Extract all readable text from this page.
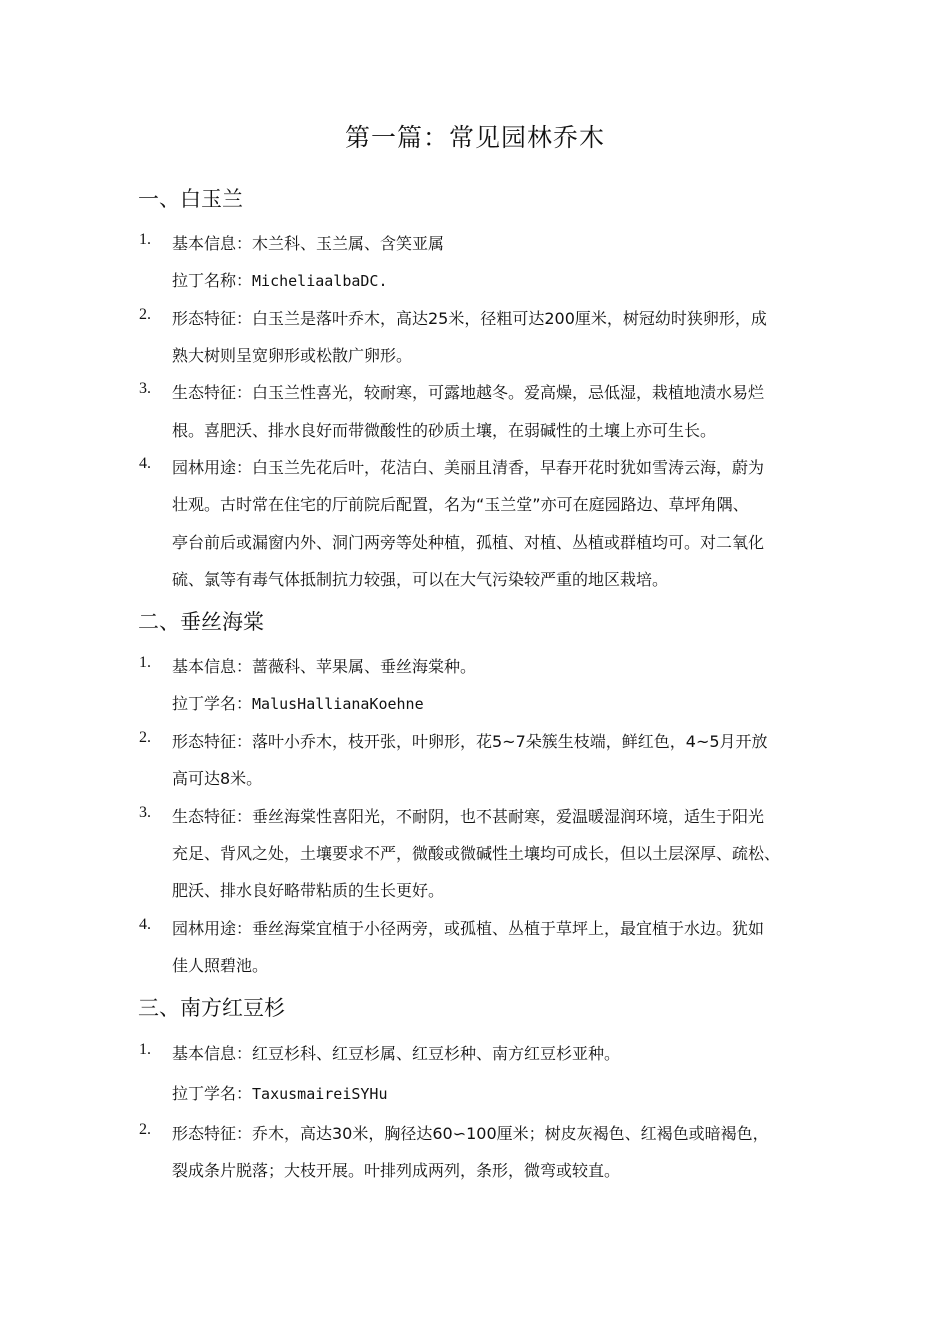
第一篇：常见园林乔木
一、白玉兰
1. 基本信息：木兰科、玉兰属、含笑亚属
拉丁名称：MicheliaalbaDC.
2. 形态特征：白玉兰是落叶乔木，高达25米，径粗可达200厘米，树冠幼时狭卵形，成
熟大树则呈宽卵形或松散广卵形。
3. 生态特征：白玉兰性喜光，较耐寒，可露地越冬。爱高燥，忌低湿，栽植地渍水易烂
根。喜肥沃、排水良好而带微酸性的砂质土壤，在弱碱性的土壤上亦可生长。
4. 园林用途：白玉兰先花后叶，花洁白、美丽且清香，早春开花时犹如雪涛云海，蔚为
壮观。古时常在住宅的厅前院后配置，名为“玉兰堂”亦可在庭园路边、草坪角隅、
亭台前后或漏窗内外、洞门两旁等处种植，孤植、对植、丛植或群植均可。对二氧化
硫、氯等有毒气体抵制抗力较强，可以在大气污染较严重的地区栽培。
二、垂丝海棠
1. 基本信息：蔷薇科、苹果属、垂丝海棠种。
拉丁学名：MalusHallianaKoehne
2. 形态特征：落叶小乔木，枝开张，叶卵形，花5~7朵簇生枝端，鲜红色，4~5月开放
高可达8米。
3. 生态特征：垂丝海棠性喜阳光，不耐阴，也不甚耐寒，爱温暖湿润环境，适生于阳光
充足、背风之处，土壤要求不严，微酸或微碱性土壤均可成长，但以土层深厚、疏松、
肥沃、排水良好略带粘质的生长更好。
4. 园林用途：垂丝海棠宜植于小径两旁，或孤植、丛植于草坪上，最宜植于水边。犹如
佳人照碧池。
三、南方红豆杉
1. 基本信息：红豆杉科、红豆杉属、红豆杉种、南方红豆杉亚种。
拉丁学名：TaxusmaireiSYHu
2. 形态特征：乔木，高达30米，胸径达60∽100厘米；树皮灰褐色、红褐色或暗褐色，
裂成条片脱落；大枝开展。叶排列成两列，条形，微弯或较直。
